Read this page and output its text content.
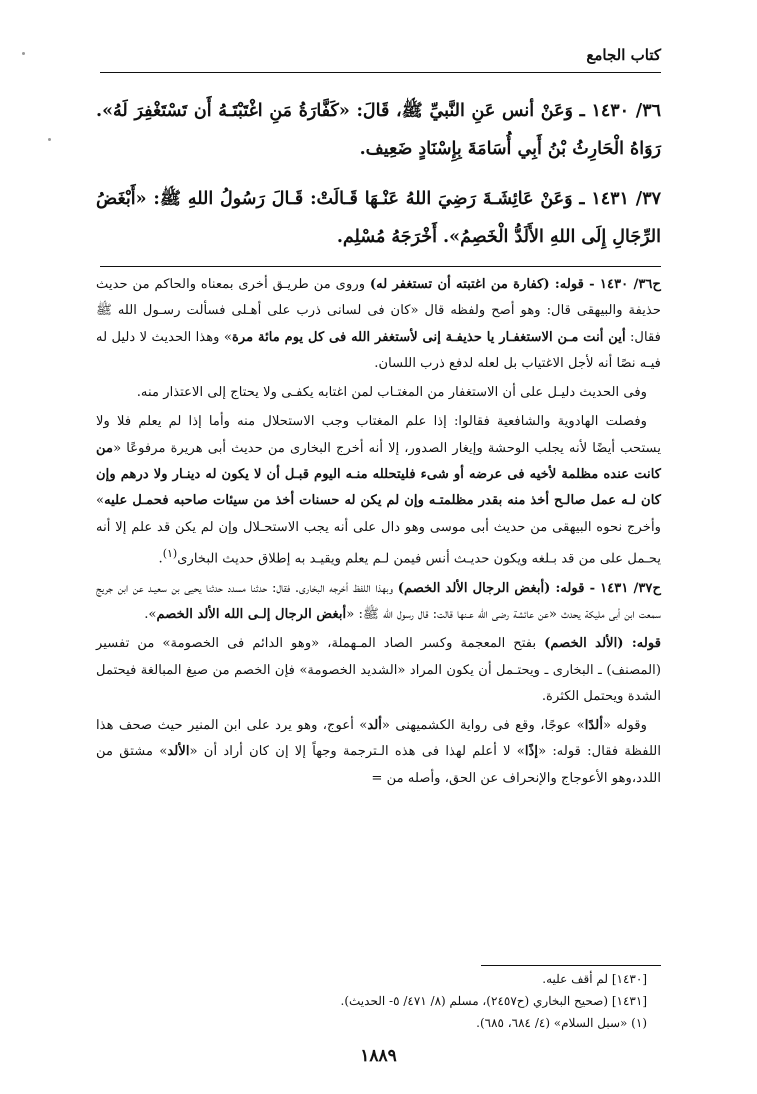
كتاب الجامع
٣٦/ ١٤٣٠ ـ وَعَنْ أنس عَنِ النَّبيِّ ﷺ، قَالَ: «كَفَّارَةُ مَنِ اغْتَبْتَـهُ أَن تَسْتَغْفِرَ لَهُ». رَوَاهُ الْحَارِثُ بْنُ أَبِي أُسَامَةَ بِإِسْنَادٍ ضَعِيف.
٣٧/ ١٤٣١ ـ وَعَنْ عَائِشَـةَ رَضِيَ اللهُ عَنْـهَا قَـالَتْ: قَـالَ رَسُولُ اللهِ ﷺ: «أَبْغَضُ الرِّجَالِ إِلَى اللهِ الأَلَدُّ الْخَصِمُ». أَخْرَجَهُ مُسْلِم.

ح٣٦/ ١٤٣٠ - قوله: (كفارة من اغتبته أن تستغفر له) وروى من طريـق أخرى بمعناه والحاكم من حديث حذيفة والبيهقى قال: وهو أصح ولفظه قال «كان فى لسانى ذرب على أهـلى فسألت رسـول الله ﷺ فقال: أين أنت مـن الاستغفـار يا حذيفـة إنى لأستغفر الله فى كل يوم مائة مرة» وهذا الحديث لا دليل له فيـه نصًا أنه لأجل الاغتياب بل لعله لدفع ذرب اللسان.

وفى الحديث دليـل على أن الاستغفار من المغتـاب لمن اغتابه يكفـى ولا يحتاج إلى الاعتذار منه.

وفصلت الهادوية والشافعية فقالوا: إذا علم المغتاب وجب الاستحلال منه وأما إذا لم يعلم فلا ولا يستحب أيضًا لأنه يجلب الوحشة وإيغار الصدور، إلا أنه أخرج البخارى من حديث أبى هريرة مرفوعًا «من كانت عنده مظلمة لأخيه فى عرضه أو شىء فليتحلله منـه اليوم قبـل أن لا يكون له دينـار ولا درهم وإن كان لـه عمل صالـح أخذ منه بقدر مظلمتـه وإن لم يكن له حسنات أخذ من سيئات صاحبه فحمـل عليه» وأخرج نحوه البيهقى من حديث أبى موسى وهو دال على أنه يجب الاستحـلال وإن لم يكن قد علم إلا أنه يحـمل على من قد بـلغه ويكون حديـث أنس فيمن لـم يعلم ويقيـد به إطلاق حديث البخارى$^{(١)}$.

ح٣٧/ ١٤٣١ - قوله: (أبغض الرجال الألد الخصم) وبهذا اللفظ أخرجه البخارى. فقال: حدثنا مسدد حدثنا يحيى بن سعيـد عن ابن جريج سمعت ابن أبى مليكة يحدث «عن عائشة رضى الله عـنها قالت: قال رسول الله ﷺ: «أبغض الرجال إلـى الله الألد الخصم».

قوله: (الألد الخصم) بفتح المعجمة وكسر الصاد المـهملة، «وهو الدائم فى الخصومة» من تفسير (المصنف) ـ البخارى ـ ويحتـمل أن يكون المراد «الشديد الخصومة» فإن الخصم من صيغ المبالغة فيحتمل الشدة ويحتمل الكثرة.

وقوله «ألدًا» عوجًا، وقع فى رواية الكشميهنى «ألد» أعوج، وهو يرد على ابن المنير حيث صحف هذا اللفظة فقال: قوله: «إذًا» لا أعلم لهذا فى هذه الـترجمة وجهاً إلا إن كان أراد أن «الألد» مشتق من اللدد،وهو الأعوجاج والإنحراف عن الحق، وأصله من =

[١٤٣٠] لم أقف عليه.
[١٤٣١] (صحيح البخاري (ح٢٤٥٧)، مسلم (٨/ ٤٧١/ ٥- الحديث).
(١) «سبل السلام» (٤/ ٦٨٤، ٦٨٥).
١٨٨٩
